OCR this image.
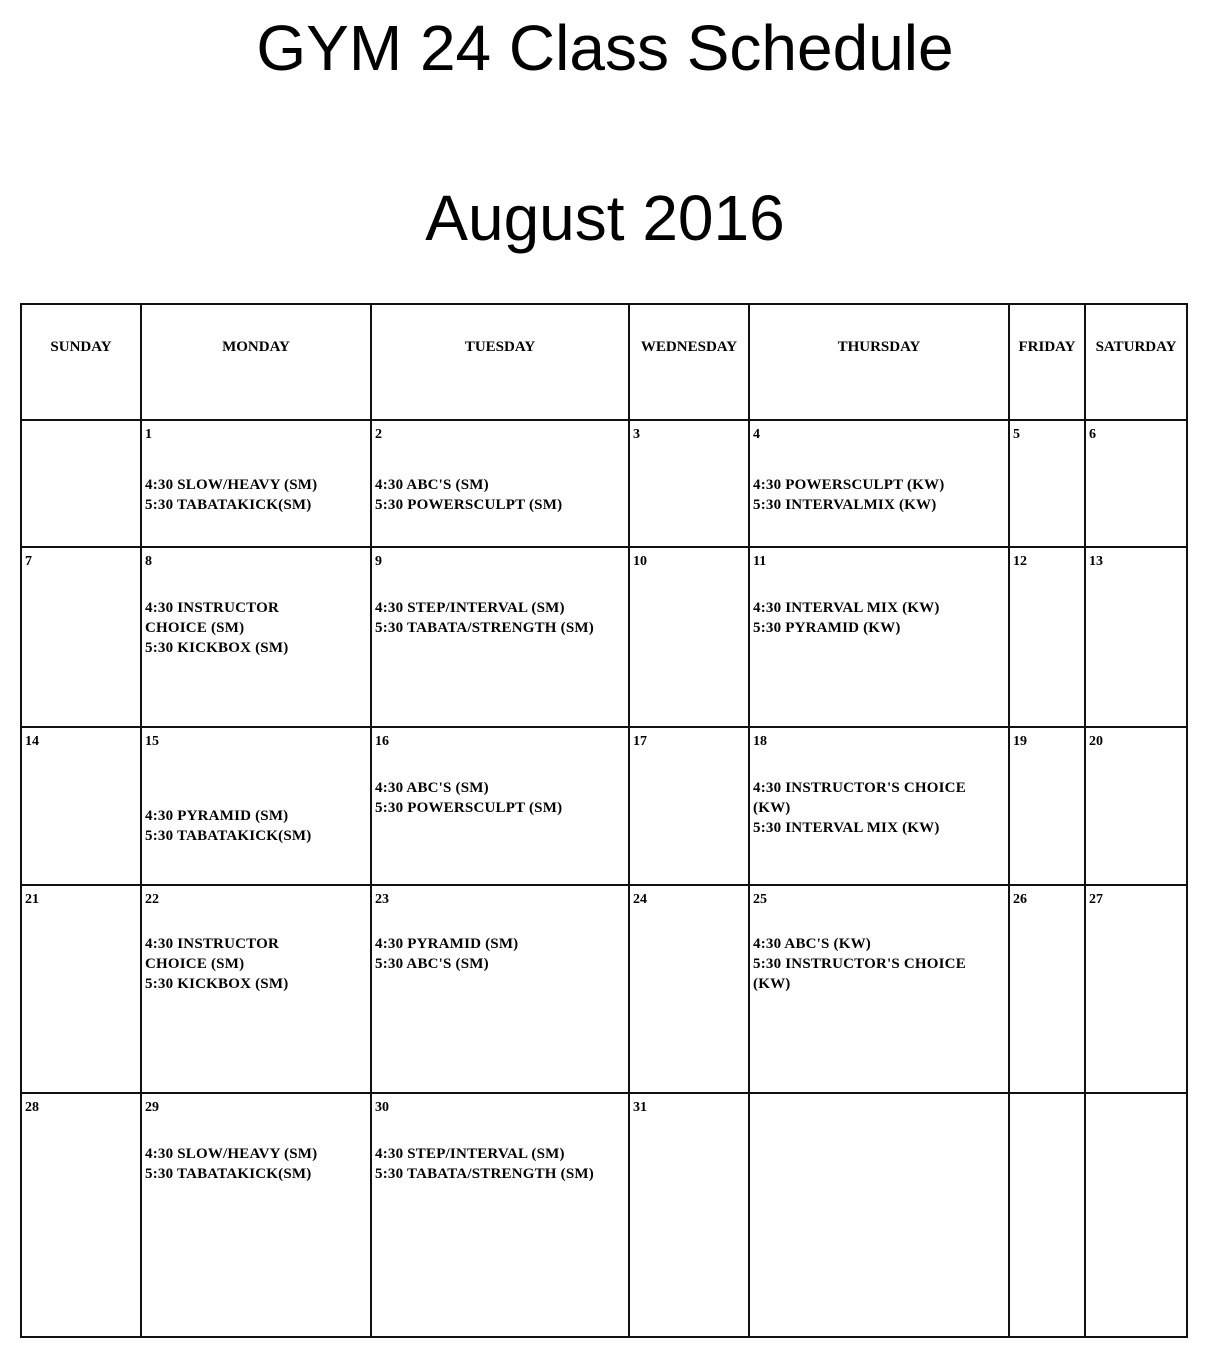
GYM 24 Class Schedule
August 2016
SUNDAY	MONDAY	TUESDAY	WEDNESDAY	THURSDAY	FRIDAY	SATURDAY

	1
4:30 SLOW/HEAVY (SM)
5:30 TABATAKICK(SM)	2
4:30 ABC'S (SM)
5:30 POWERSCULPT (SM)	3	4
4:30 POWERSCULPT (KW)
5:30 INTERVALMIX (KW)	5	6

7	8
4:30 INSTRUCTOR
CHOICE (SM)
5:30 KICKBOX (SM)	9
4:30 STEP/INTERVAL (SM)
5:30 TABATA/STRENGTH (SM)	10	11
4:30 INTERVAL MIX (KW)
5:30 PYRAMID (KW)	12	13

14	15
4:30 PYRAMID (SM)
5:30 TABATAKICK(SM)	16
4:30 ABC'S (SM)
5:30 POWERSCULPT (SM)	17	18
4:30 INSTRUCTOR'S CHOICE
(KW)
5:30 INTERVAL MIX (KW)	19	20

21	22
4:30 INSTRUCTOR
CHOICE (SM)
5:30 KICKBOX (SM)	23
4:30 PYRAMID (SM)
5:30 ABC'S (SM)	24	25
4:30 ABC'S (KW)
5:30 INSTRUCTOR'S CHOICE
(KW)	26	27

28	29
4:30 SLOW/HEAVY (SM)
5:30 TABATAKICK(SM)	30
4:30 STEP/INTERVAL (SM)
5:30 TABATA/STRENGTH (SM)	31			
